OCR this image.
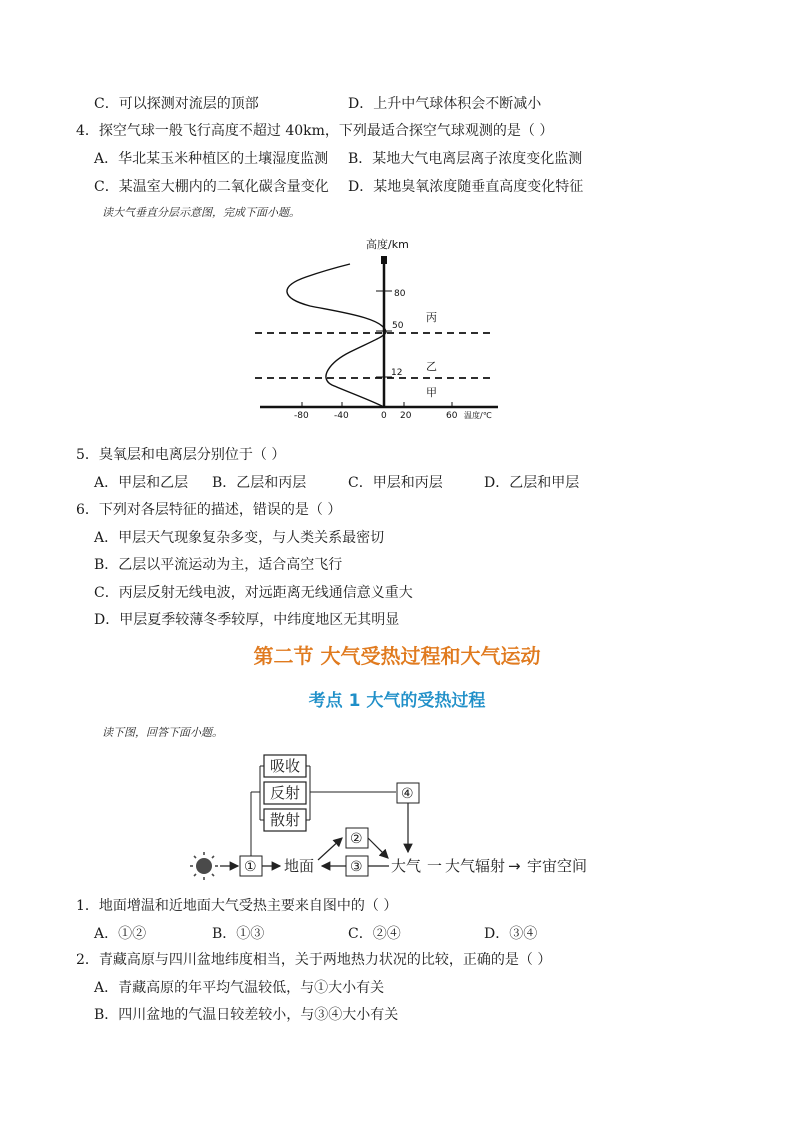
C．可以探测对流层的顶部	D．上升中气球体积会不断减小
4．探空气球一般飞行高度不超过 40km，下列最适合探空气球观测的是（ ）
A．华北某玉米种植区的土壤湿度监测 B．某地大气电离层离子浓度变化监测
C．某温室大棚内的二氧化碳含量变化 D．某地臭氧浓度随垂直高度变化特征
读大气垂直分层示意图，完成下面小题。
高度/km
温度/℃
-80	-40	0 20	60
80
50
12
丙
乙
甲
5．臭氧层和电离层分别位于（ ）
A．甲层和乙层 B．乙层和丙层	C．甲层和丙层	D．乙层和甲层
6．下列对各层特征的描述，错误的是（ ）
A．甲层天气现象复杂多变，与人类关系最密切
B．乙层以平流运动为主，适合高空飞行
C．丙层反射无线电波，对远距离无线通信意义重大
D．甲层夏季较薄冬季较厚，中纬度地区无其明显
第二节 大气受热过程和大气运动
考点 1 大气的受热过程
读下图，回答下面小题。
①
吸收
反射
散射
④
地面
②
③ 大气 一 大气辐射 → 宇宙空间
1．地面增温和近地面大气受热主要来自图中的（ ）
A．①②	B．①③	C．②④	D．③④
2．青藏高原与四川盆地纬度相当，关于两地热力状况的比较，正确的是（ ）
A．青藏高原的年平均气温较低，与①大小有关
B．四川盆地的气温日较差较小，与③④大小有关
